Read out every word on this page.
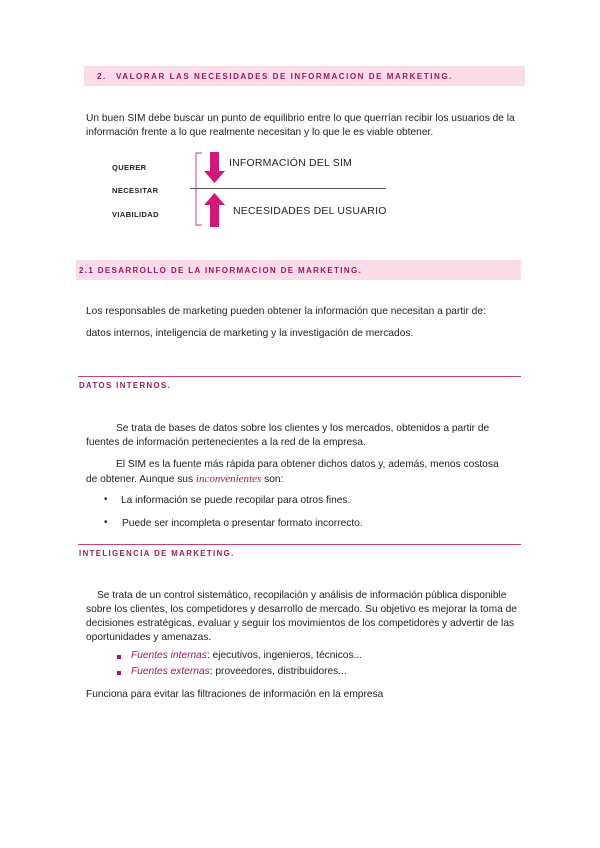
2. VALORAR LAS NECESIDADES DE INFORMACION DE MARKETING.
Un buen SIM debe buscar un punto de equilibrio entre lo que querrían recibir los usuarios de la
información frente a lo que realmente necesitan y lo que le es viable obtener.
QUERER
NECESITAR
VIABILIDAD
INFORMACIÓN DEL SIM
NECESIDADES DEL USUARIO
2.1 DESARROLLO DE LA INFORMACION DE MARKETING.
Los responsables de marketing pueden obtener la información que necesitan a partir de:
datos internos, inteligencia de marketing y la investigación de mercados.
DATOS INTERNOS.
Se trata de bases de datos sobre los clientes y los mercados, obtenidos a partir de
fuentes de información pertenecientes a la red de la empresa.
El SIM es la fuente más rápida para obtener dichos datos y, además, menos costosa
de obtener. Aunque sus inconvenientes son:
• La información se puede recopilar para otros fines.
• Puede ser incompleta o presentar formato incorrecto.
INTELIGENCIA DE MARKETING.
Se trata de un control sistemático, recopilación y análisis de información pública disponible
sobre los clientes, los competidores y desarrollo de mercado. Su objetivo es mejorar la toma de
decisiones estratégicas, evaluar y seguir los movimientos de los competidores y advertir de las
oportunidades y amenazas.
Fuentes internas: ejecutivos, ingenieros, técnicos...
Fuentes externas: proveedores, distribuidores...
Funciona para evitar las filtraciones de información en la empresa
